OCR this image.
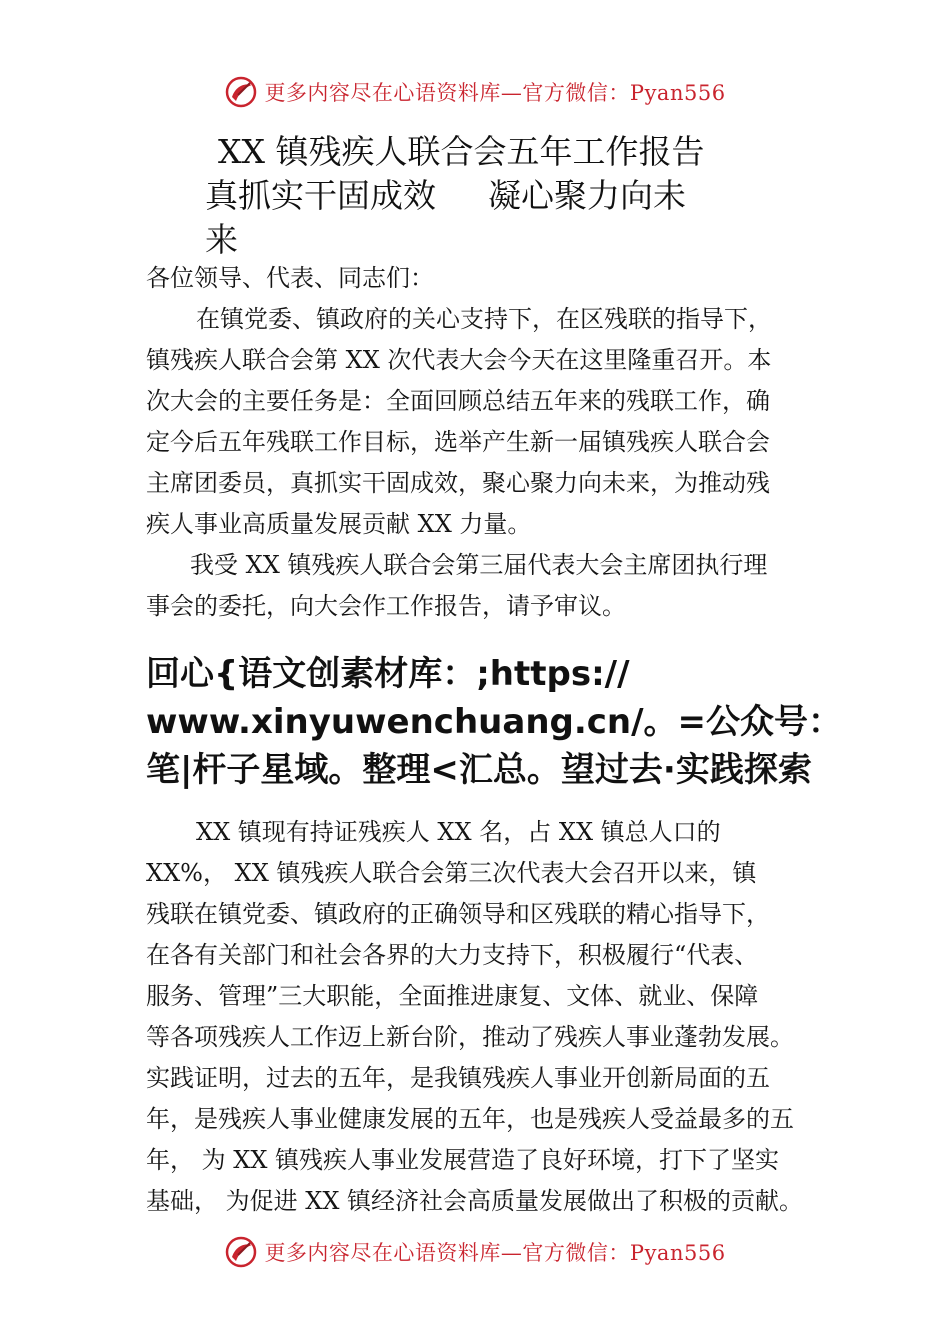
更多内容尽在心语资料库—官方微信：Pyan556
XX 镇残疾人联合会五年工作报告
真抓实干固成效 凝心聚力向未
来
各位领导、代表、同志们：
在镇党委、镇政府的关心支持下，在区残联的指导下，
镇残疾人联合会第 XX 次代表大会今天在这里隆重召开。本
次大会的主要任务是：全面回顾总结五年来的残联工作，确
定今后五年残联工作目标，选举产生新一届镇残疾人联合会
主席团委员，真抓实干固成效，聚心聚力向未来，为推动残
疾人事业高质量发展贡献 XX 力量。
我受 XX 镇残疾人联合会第三届代表大会主席团执行理
事会的委托，向大会作工作报告，请予审议。
回心{语文创素材库：;https://
www.xinyuwenchuang.cn/。=公众号：
笔|杆子星域。整理<汇总。望过去·实践探索
XX 镇现有持证残疾人 XX 名，占 XX 镇总人口的
XX%， XX 镇残疾人联合会第三次代表大会召开以来，镇
残联在镇党委、镇政府的正确领导和区残联的精心指导下，
在各有关部门和社会各界的大力支持下，积极履行“代表、
服务、管理”三大职能，全面推进康复、文体、就业、保障
等各项残疾人工作迈上新台阶，推动了残疾人事业蓬勃发展。
实践证明，过去的五年，是我镇残疾人事业开创新局面的五
年，是残疾人事业健康发展的五年，也是残疾人受益最多的五
年， 为 XX 镇残疾人事业发展营造了良好环境，打下了坚实
基础， 为促进 XX 镇经济社会高质量发展做出了积极的贡献。
更多内容尽在心语资料库—官方微信：Pyan556
